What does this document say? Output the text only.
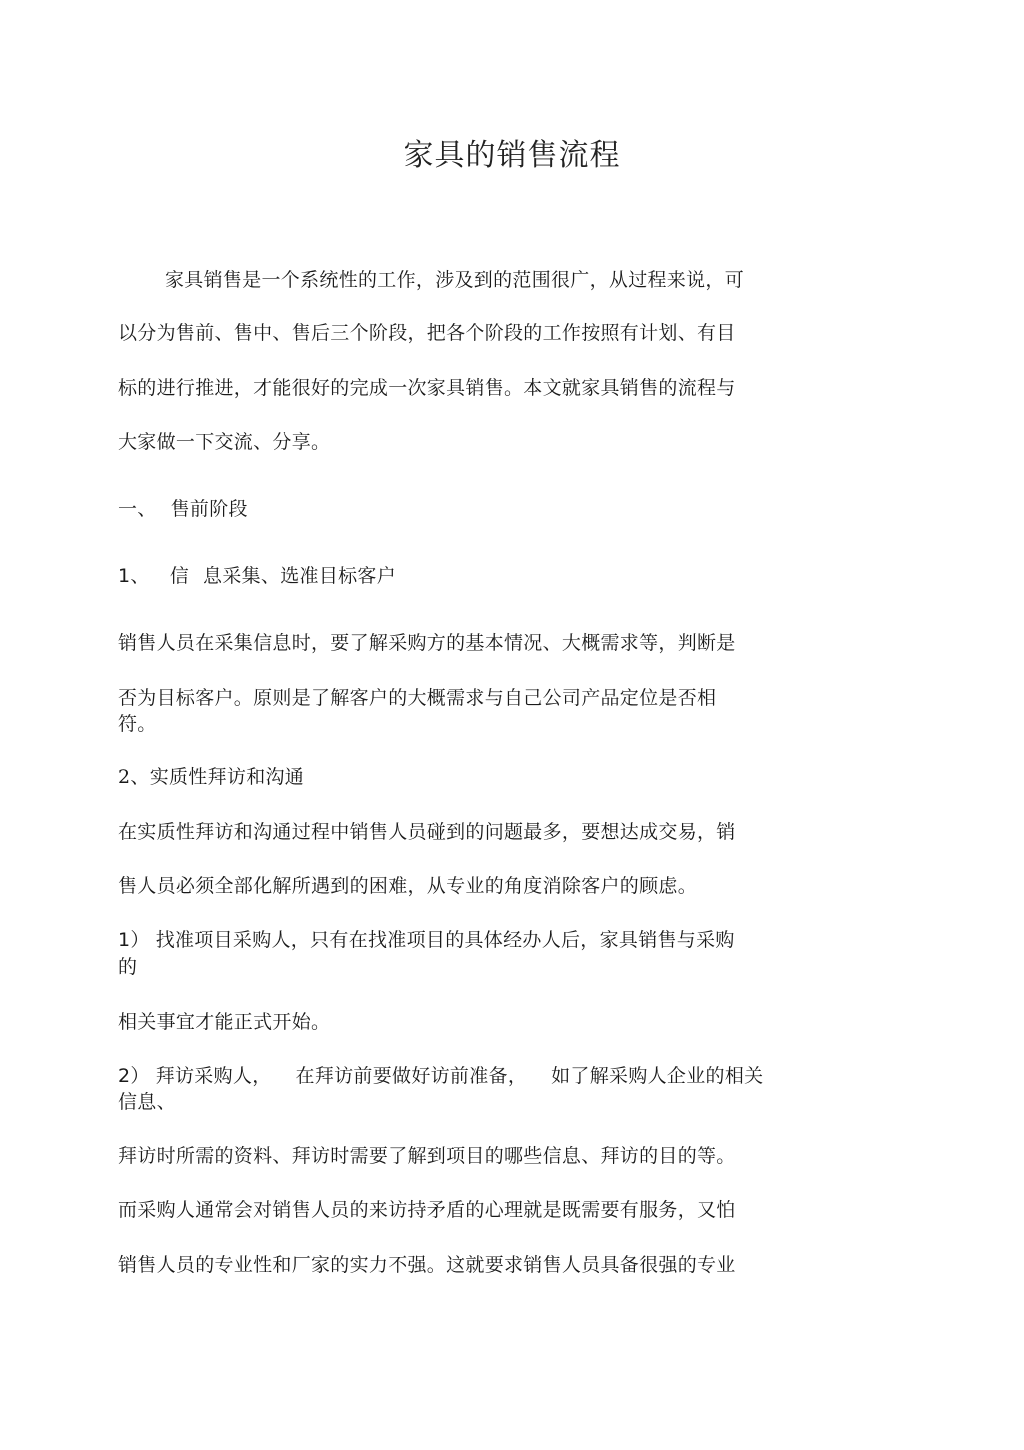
家具的销售流程
家具销售是一个系统性的工作，涉及到的范围很广，从过程来说，可
以分为售前、售中、售后三个阶段，把各个阶段的工作按照有计划、有目
标的进行推进，才能很好的完成一次家具销售。本文就家具销售的流程与
大家做一下交流、分享。
一、 售前阶段
1、 信 息采集、选准目标客户
销售人员在采集信息时，要了解采购方的基本情况、大概需求等，判断是
否为目标客户。原则是了解客户的大概需求与自己公司产品定位是否相
符。
2、实质性拜访和沟通
在实质性拜访和沟通过程中销售人员碰到的问题最多，要想达成交易，销
售人员必须全部化解所遇到的困难，从专业的角度消除客户的顾虑。
1） 找准项目采购人，只有在找准项目的具体经办人后，家具销售与采购
的
相关事宜才能正式开始。
2） 拜访采购人， 在拜访前要做好访前准备， 如了解采购人企业的相关
信息、
拜访时所需的资料、拜访时需要了解到项目的哪些信息、拜访的目的等。
而采购人通常会对销售人员的来访持矛盾的心理就是既需要有服务，又怕
销售人员的专业性和厂家的实力不强。这就要求销售人员具备很强的专业
